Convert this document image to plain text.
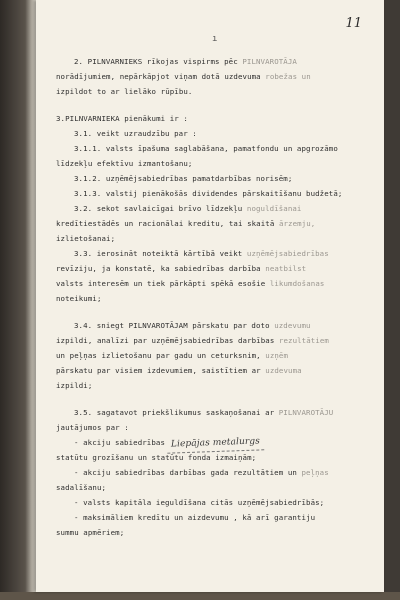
11
ı
2. PILNVARNIEKS rīkojas vispirms pēc PILNVAROTĀJA
norādījumiem, nepārkāpjot viņam dotā uzdevuma robežas un
izpildot to ar lielāko rūpību.
3.PILNVARNIEKA pienākumi ir :
3.1. veikt uzraudzību par :
3.1.1. valsts īpašuma saglabāšana, pamatfondu un apgrozāmo
līdzekļu efektīvu izmantošanu;
3.1.2. uzņēmējsabiedrības pamatdarbības norisēm;
3.1.3. valstij pienākošās dividendes pārskaitīšanu budžetā;
3.2. sekot savlaicīgai brīvo līdzekļu noguldīšanai
kredītiestādēs un racionālai kreditu, tai skaitā ārzemju,
izlietošanai;
3.3. ierosināt noteiktā kārtībā veikt uzņēmējsabiedrības
revīziju, ja konstatē, ka sabiedrības darbība neatbilst
valsts interesēm un tiek pārkāpti spēkā esošie likumdošanas
noteikumi;
3.4. sniegt PILNVAROTĀJAM pārskatu par doto uzdevumu
izpildi, analīzi par uzņēmējsabiedrības darbības rezultātiem
un peļņas izlietošanu par gadu un ceturksnim, uzņēm
pārskatu par visiem izdevumiem, saistītiem ar uzdevuma
izpildi;
3.5. sagatavot priekšlikumus saskaņošanai ar PILNVAROTĀJU
jautājumos par :
- akciju sabiedrības Liepājas metalurgs
statūtu grozīšanu un statūtu fonda izmaiņām;
- akciju sabiedrības darbības gada rezultātiem un peļņas
sadalīšanu;
- valsts kapitāla ieguldīšana citās uzņēmējsabiedrībās;
- maksimāliem kredītu un aizdevumu , kā arī garantiju
summu apmēriem;
